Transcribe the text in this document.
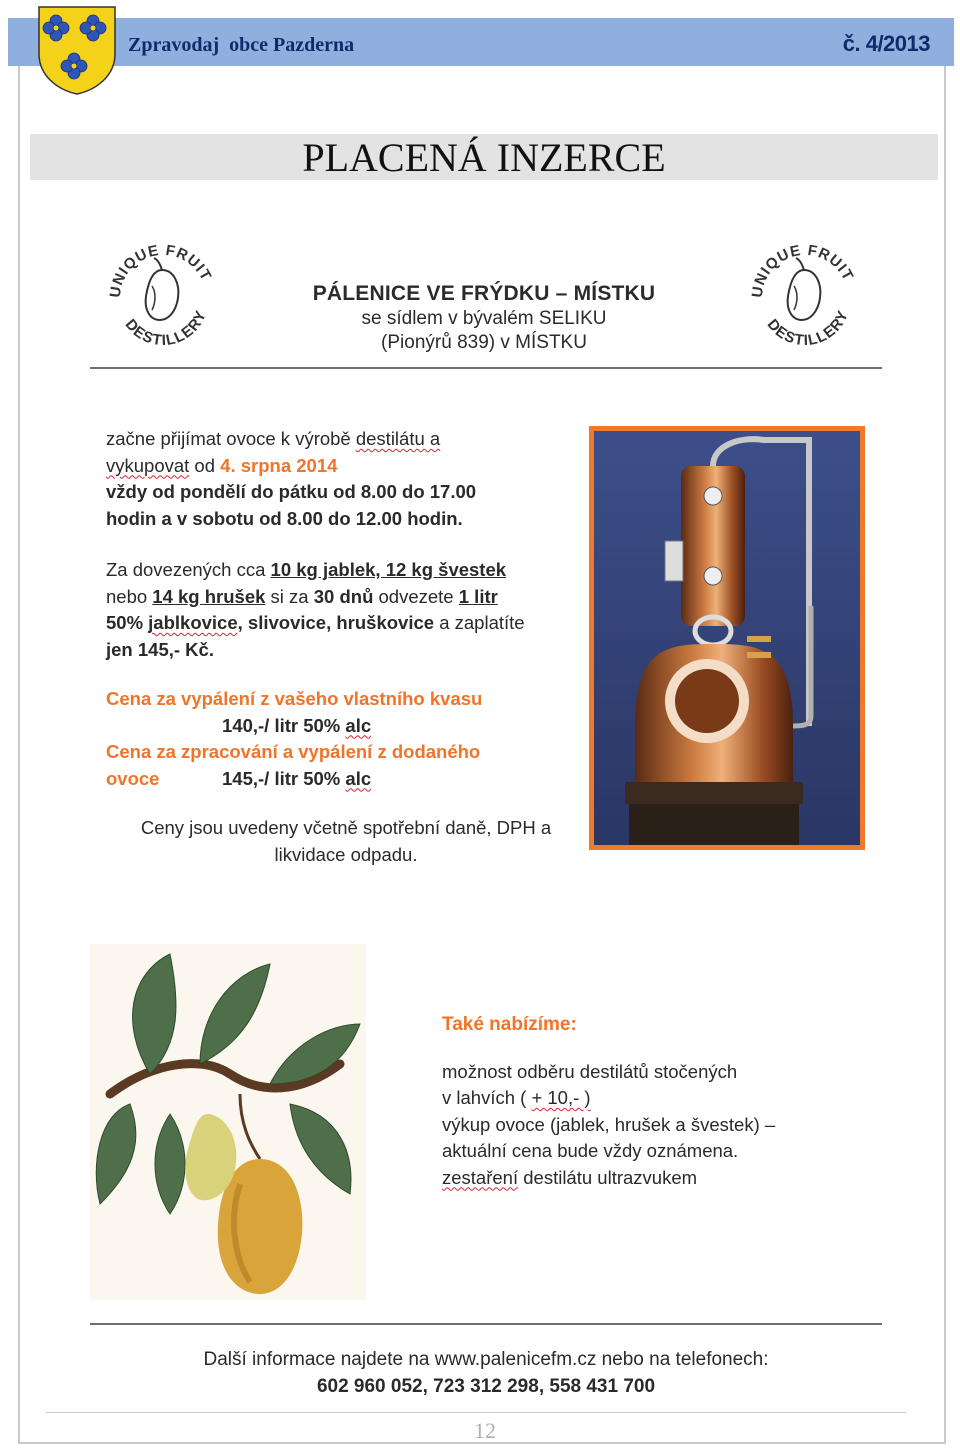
Zpravodaj  obce Pazderna	č. 4/2013
PLACENÁ INZERCE
UNIQUE FRUIT
DESTILLERY
UNIQUE FRUIT
DESTILLERY
PÁLENICE VE FRÝDKU – MÍSTKU
se sídlem v bývalém SELIKU
(Pionýrů 839) v MÍSTKU
začne přijímat ovoce k výrobě destilátu a
vykupovat od 4. srpna 2014
vždy od pondělí do pátku od 8.00 do 17.00
hodin a v sobotu od 8.00 do 12.00 hodin.
Za dovezených cca 10 kg jablek, 12 kg švestek
nebo 14 kg hrušek si za 30 dnů odvezete 1 litr
50% jablkovice, slivovice, hruškovice a zaplatíte
jen 145,- Kč.
Cena za vypálení z vašeho vlastního kvasu
140,-/ litr 50% alc
Cena za zpracování a vypálení z dodaného
ovoce	145,-/ litr 50% alc
Ceny jsou uvedeny včetně spotřební daně, DPH a
likvidace odpadu.
Také nabízíme:
možnost odběru destilátů stočených
v lahvích ( + 10,- )
výkup ovoce (jablek, hrušek a švestek) –
aktuální cena bude vždy oznámena.
zestaření destilátu ultrazvukem
Další informace najdete na www.palenicefm.cz nebo na telefonech:
602 960 052, 723 312 298, 558 431 700
12
